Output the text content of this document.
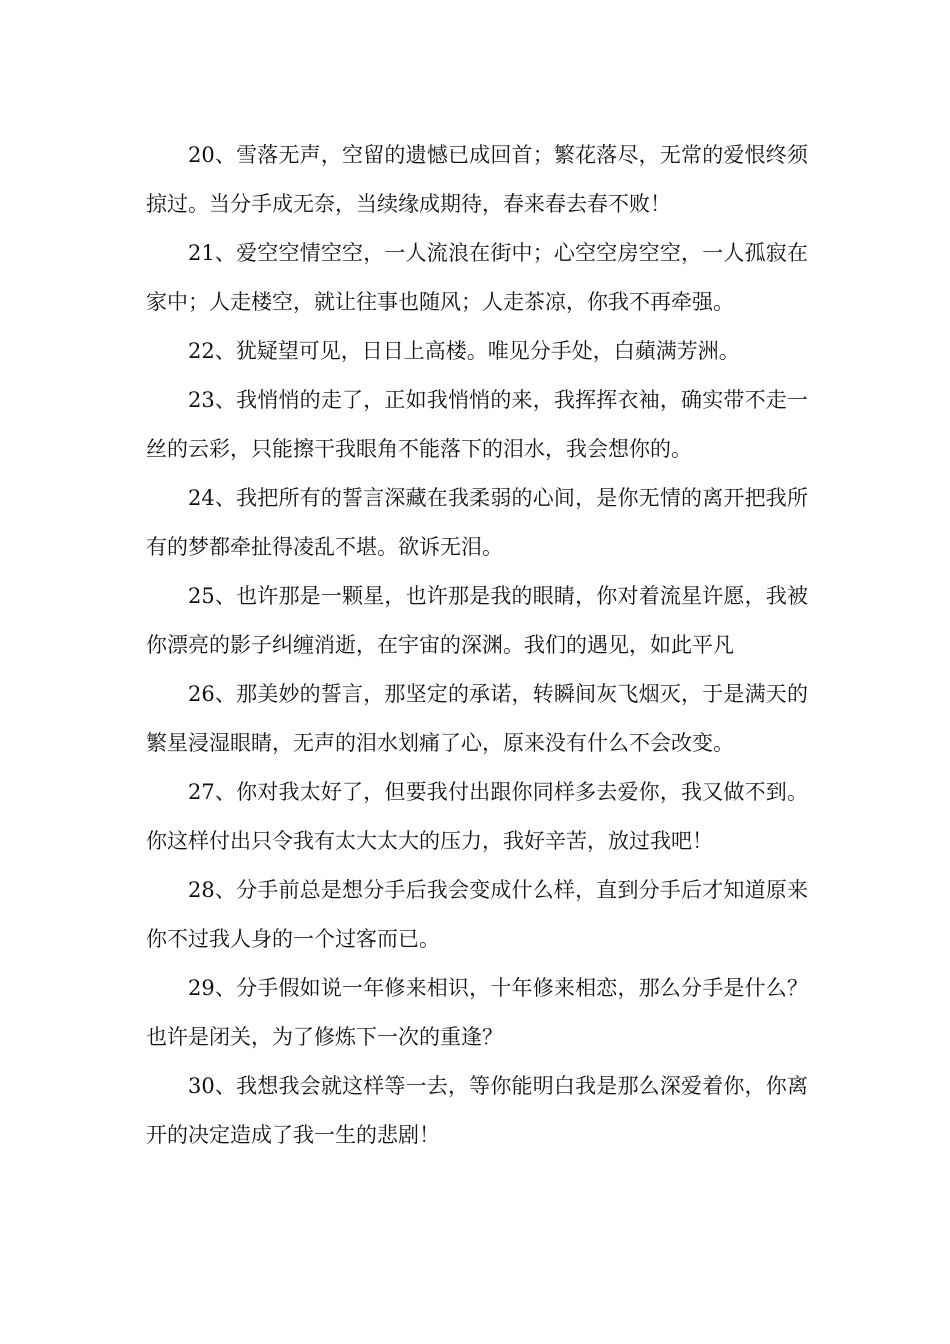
20、雪落无声，空留的遗憾已成回首；繁花落尽，无常的爱恨终须掠过。当分手成无奈，当续缘成期待，春来春去春不败！

21、爱空空情空空，一人流浪在街中；心空空房空空，一人孤寂在家中；人走楼空，就让往事也随风；人走茶凉，你我不再牵强。

22、犹疑望可见，日日上高楼。唯见分手处，白蘋满芳洲。

23、我悄悄的走了，正如我悄悄的来，我挥挥衣袖，确实带不走一丝的云彩，只能擦干我眼角不能落下的泪水，我会想你的。

24、我把所有的誓言深藏在我柔弱的心间，是你无情的离开把我所有的梦都牵扯得凌乱不堪。欲诉无泪。

25、也许那是一颗星，也许那是我的眼睛，你对着流星许愿，我被你漂亮的影子纠缠消逝，在宇宙的深渊。我们的遇见，如此平凡

26、那美妙的誓言，那坚定的承诺，转瞬间灰飞烟灭，于是满天的繁星浸湿眼睛，无声的泪水划痛了心，原来没有什么不会改变。

27、你对我太好了，但要我付出跟你同样多去爱你，我又做不到。你这样付出只令我有太大太大的压力，我好辛苦，放过我吧！

28、分手前总是想分手后我会变成什么样，直到分手后才知道原来你不过我人身的一个过客而已。

29、分手假如说一年修来相识，十年修来相恋，那么分手是什么？也许是闭关，为了修炼下一次的重逢？

30、我想我会就这样等一去，等你能明白我是那么深爱着你，你离开的决定造成了我一生的悲剧！
